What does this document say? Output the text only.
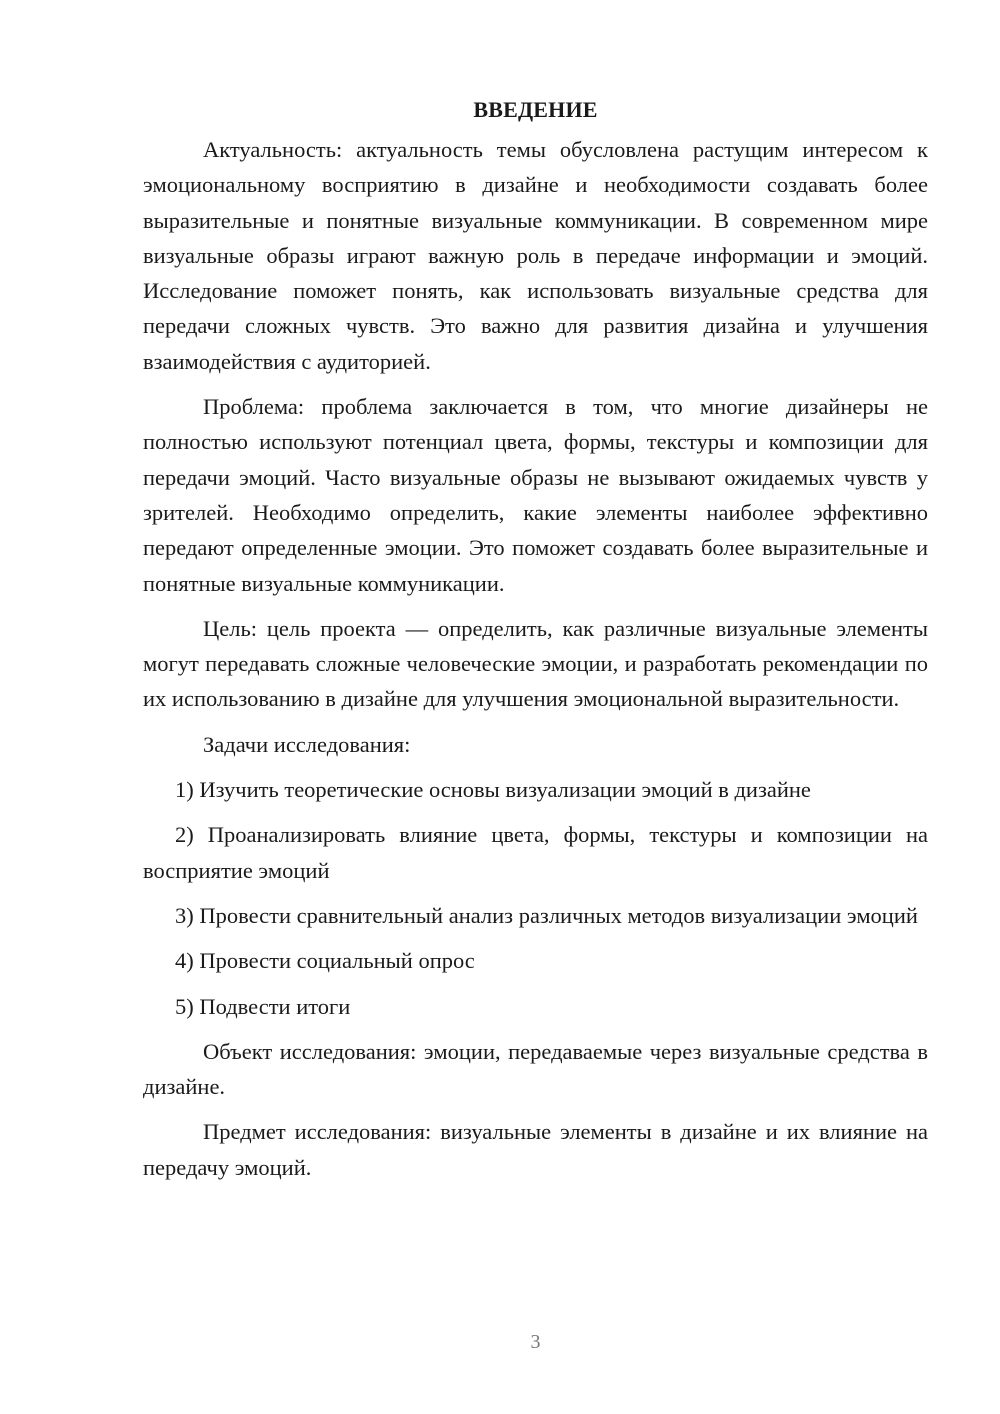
ВВЕДЕНИЕ

Актуальность: актуальность темы обусловлена растущим интересом к эмоциональному восприятию в дизайне и необходимости создавать более выразительные и понятные визуальные коммуникации. В современном мире визуальные образы играют важную роль в передаче информации и эмоций. Исследование поможет понять, как использовать визуальные средства для передачи сложных чувств. Это важно для развития дизайна и улучшения взаимодействия с аудиторией.

Проблема: проблема заключается в том, что многие дизайнеры не полностью используют потенциал цвета, формы, текстуры и композиции для передачи эмоций. Часто визуальные образы не вызывают ожидаемых чувств у зрителей. Необходимо определить, какие элементы наиболее эффективно передают определенные эмоции. Это поможет создавать более выразительные и понятные визуальные коммуникации.

Цель: цель проекта — определить, как различные визуальные элементы могут передавать сложные человеческие эмоции, и разработать рекомендации по их использованию в дизайне для улучшения эмоциональной выразительности.

Задачи исследования:

1) Изучить теоретические основы визуализации эмоций в дизайне

2) Проанализировать влияние цвета, формы, текстуры и композиции на восприятие эмоций

3) Провести сравнительный анализ различных методов визуализации эмоций

4) Провести социальный опрос

5) Подвести итоги

Объект исследования: эмоции, передаваемые через визуальные средства в дизайне.

Предмет исследования: визуальные элементы в дизайне и их влияние на передачу эмоций.

3
